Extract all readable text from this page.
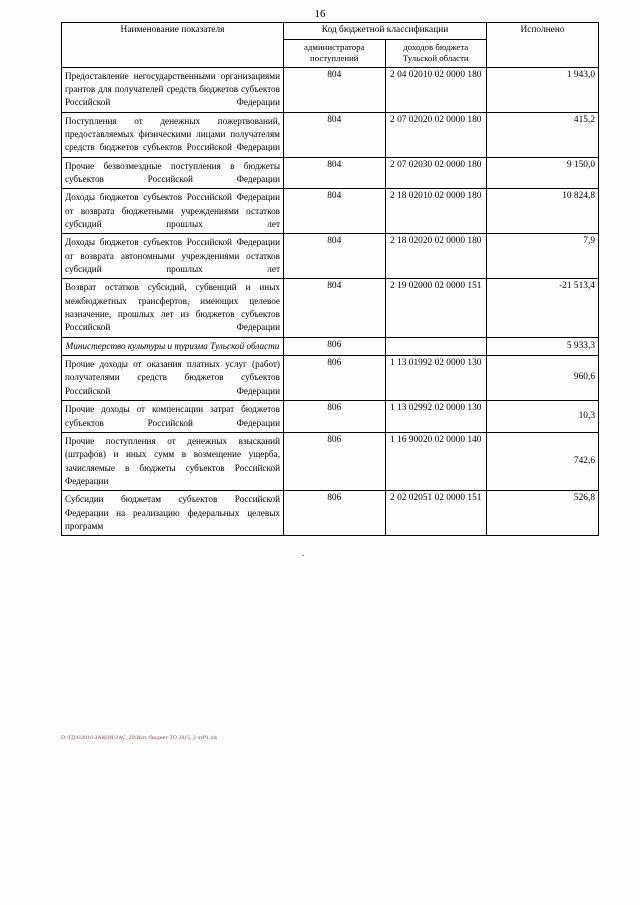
16
Наименование показателя	Код бюджетной классификации		Исполнено
	администратора поступлений	доходов бюджета Тульской области	
Предоставление негосударственными организациями грантов для получателей средств бюджетов субъектов Российской Федерации	804	2 04 02010 02 0000 180	1 943,0
Поступления от денежных пожертвований, предоставляемых физическими лицами получателям средств бюджетов субъектов Российской Федерации	804	2 07 02020 02 0000 180	415,2
Прочие безвозмездные поступления в бюджеты субъектов Российской Федерации	804	2 07 02030 02 0000 180	9 150,0
Доходы бюджетов субъектов Российской Федерации от возврата бюджетными учреждениями остатков субсидий прошлых лет	804	2 18 02010 02 0000 180	10 824,8
Доходы бюджетов субъектов Российской Федерации от возврата автономными учреждениями остатков субсидий прошлых лет	804	2 18 02020 02 0000 180	7,9
Возврат остатков субсидий, субвенций и иных межбюджетных трансфертов, имеющих целевое назначение, прошлых лет из бюджетов субъектов Российской Федерации	804	2 19 02000 02 0000 151	-21 513,4
Министерство культуры и туризма Тульской области	806		5 933,3
Прочие доходы от оказания платных услуг (работ) получателями средств бюджетов субъектов Российской Федерации	806	1 13 01992 02 0000 130	960,6
Прочие доходы от компенсации затрат бюджетов субъектов Российской Федерации	806	1 13 02992 02 0000 130	10,3
Прочие поступления от денежных взысканий (штрафов) и иных сумм в возмещение ущерба, зачисляемые в бюджеты субъектов Российской Федерации	806	1 16 90020 02 0000 140	742,6
Субсидии бюджетам субъектов Российской Федерации на реализацию федеральных целевых программ	806	2 02 02051 02 0000 151	526,8
.
D:\ГД\6\2016\ЗАКОН\ЗАС_29\Исп. бюджет ТО 2015_2 чтР1.xls
